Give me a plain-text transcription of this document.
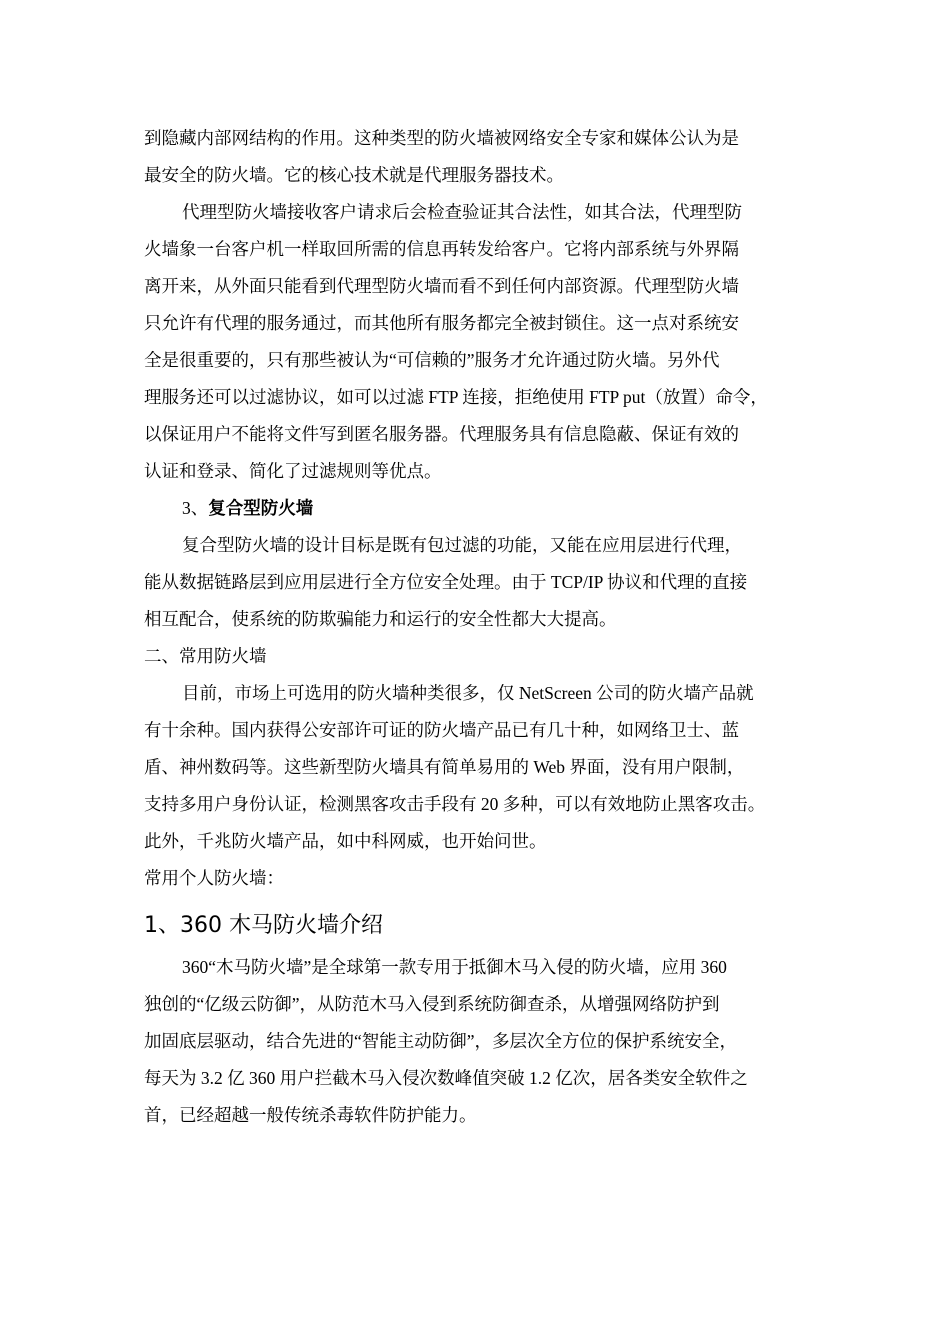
到隐藏内部网结构的作用。这种类型的防火墙被网络安全专家和媒体公认为是
最安全的防火墙。它的核心技术就是代理服务器技术。
代理型防火墙接收客户请求后会检查验证其合法性，如其合法，代理型防
火墙象一台客户机一样取回所需的信息再转发给客户。它将内部系统与外界隔
离开来，从外面只能看到代理型防火墙而看不到任何内部资源。代理型防火墙
只允许有代理的服务通过，而其他所有服务都完全被封锁住。这一点对系统安
全是很重要的，只有那些被认为“可信赖的”服务才允许通过防火墙。另外代
理服务还可以过滤协议，如可以过滤 FTP 连接，拒绝使用 FTP put（放置）命令，
以保证用户不能将文件写到匿名服务器。代理服务具有信息隐蔽、保证有效的
认证和登录、简化了过滤规则等优点。
3、复合型防火墙
复合型防火墙的设计目标是既有包过滤的功能，又能在应用层进行代理，
能从数据链路层到应用层进行全方位安全处理。由于 TCP/IP 协议和代理的直接
相互配合，使系统的防欺骗能力和运行的安全性都大大提高。
二、常用防火墙
目前，市场上可选用的防火墙种类很多，仅 NetScreen 公司的防火墙产品就
有十余种。国内获得公安部许可证的防火墙产品已有几十种，如网络卫士、蓝
盾、神州数码等。这些新型防火墙具有简单易用的 Web 界面，没有用户限制，
支持多用户身份认证，检测黑客攻击手段有 20 多种，可以有效地防止黑客攻击。
此外，千兆防火墙产品，如中科网威，也开始问世。
常用个人防火墙：
1、360 木马防火墙介绍
360“木马防火墙”是全球第一款专用于抵御木马入侵的防火墙，应用 360
独创的“亿级云防御”，从防范木马入侵到系统防御查杀，从增强网络防护到
加固底层驱动，结合先进的“智能主动防御”，多层次全方位的保护系统安全，
每天为 3.2 亿 360 用户拦截木马入侵次数峰值突破 1.2 亿次，居各类安全软件之
首，已经超越一般传统杀毒软件防护能力。
